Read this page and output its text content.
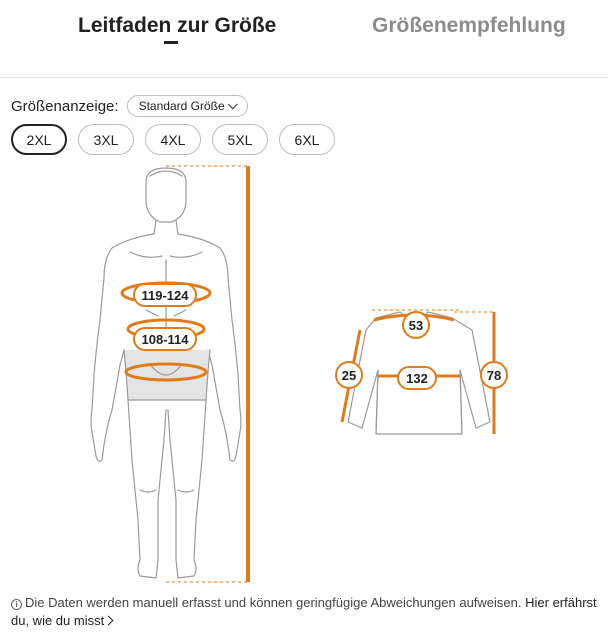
Leitfaden zur Größe	Größenempfehlung
Größenanzeige: Standard Größe
2XL	3XL	4XL	5XL	6XL
119-124
108-114
53
25	132	78
i Die Daten werden manuell erfasst und können geringfügige Abweichungen aufweisen. Hier erfährst du, wie du misst
